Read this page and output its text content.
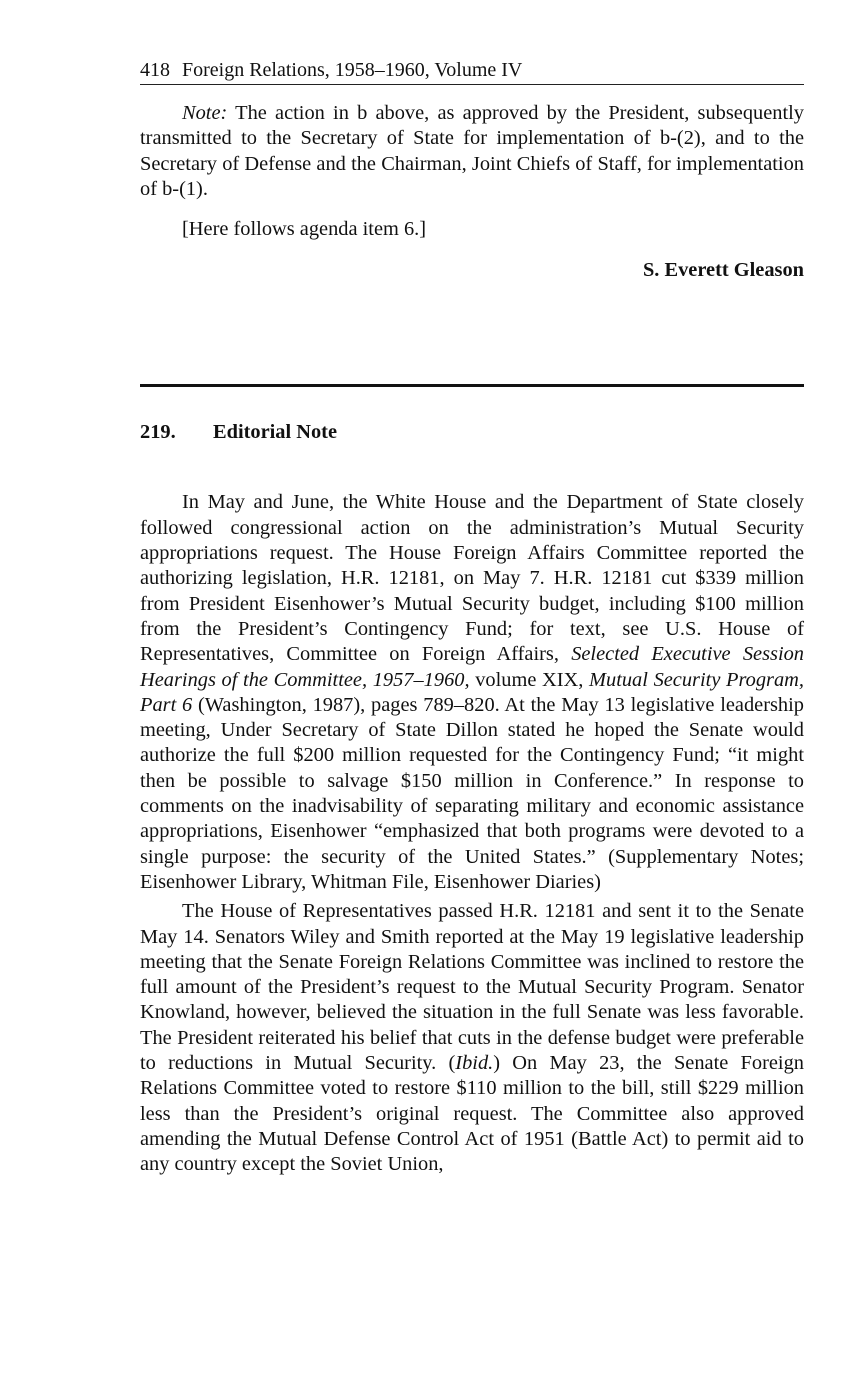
418 Foreign Relations, 1958–1960, Volume IV

Note: The action in b above, as approved by the President, subsequently transmitted to the Secretary of State for implementation of b-(2), and to the Secretary of Defense and the Chairman, Joint Chiefs of Staff, for implementation of b-(1).

[Here follows agenda item 6.]

S. Everett Gleason
219. Editorial Note

In May and June, the White House and the Department of State closely followed congressional action on the administration’s Mutual Security appropriations request. The House Foreign Affairs Committee reported the authorizing legislation, H.R. 12181, on May 7. H.R. 12181 cut $339 million from President Eisenhower’s Mutual Security budget, including $100 million from the President’s Contingency Fund; for text, see U.S. House of Representatives, Committee on Foreign Affairs, Selected Executive Session Hearings of the Committee, 1957–1960, volume XIX, Mutual Security Program, Part 6 (Washington, 1987), pages 789–820. At the May 13 legislative leadership meeting, Under Secretary of State Dillon stated he hoped the Senate would authorize the full $200 million requested for the Contingency Fund; “it might then be possible to salvage $150 million in Conference.” In response to comments on the inadvisability of separating military and economic assistance appropriations, Eisenhower “emphasized that both programs were devoted to a single purpose: the security of the United States.” (Supplementary Notes; Eisenhower Library, Whitman File, Eisenhower Diaries)

The House of Representatives passed H.R. 12181 and sent it to the Senate May 14. Senators Wiley and Smith reported at the May 19 legislative leadership meeting that the Senate Foreign Relations Committee was inclined to restore the full amount of the President’s request to the Mutual Security Program. Senator Knowland, however, believed the situation in the full Senate was less favorable. The President reiterated his belief that cuts in the defense budget were preferable to reductions in Mutual Security. (Ibid.) On May 23, the Senate Foreign Relations Committee voted to restore $110 million to the bill, still $229 million less than the President’s original request. The Committee also approved amending the Mutual Defense Control Act of 1951 (Battle Act) to permit aid to any country except the Soviet Union,
